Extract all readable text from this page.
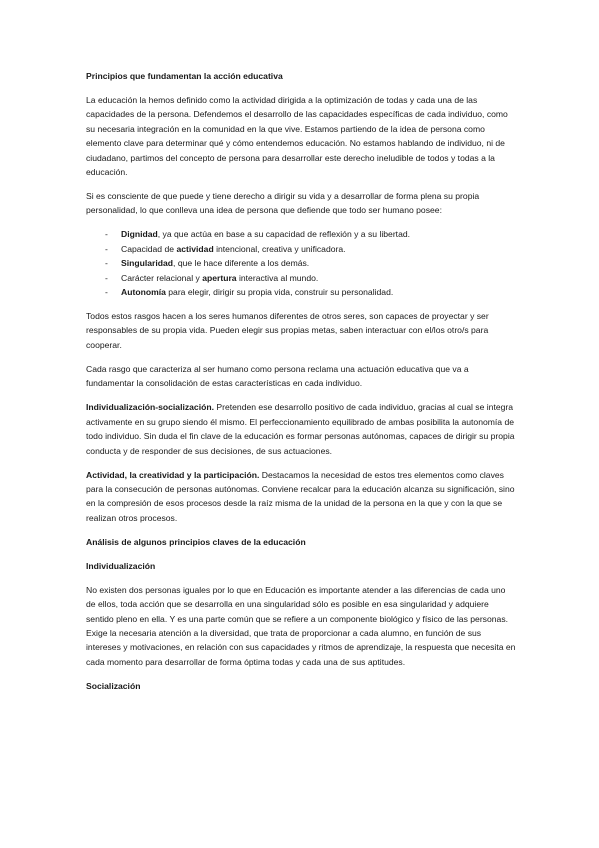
Principios que fundamentan la acción educativa

La educación la hemos definido como la actividad dirigida a la optimización de todas y cada una de las capacidades de la persona. Defendemos el desarrollo de las capacidades específicas de cada individuo, como su necesaria integración en la comunidad en la que vive. Estamos partiendo de la idea de persona como elemento clave para determinar qué y cómo entendemos educación. No estamos hablando de individuo, ni de ciudadano, partimos del concepto de persona para desarrollar este derecho ineludible de todos y todas a la educación.

Si es consciente de que puede y tiene derecho a dirigir su vida y a desarrollar de forma plena su propia personalidad, lo que conlleva una idea de persona que defiende que todo ser humano posee:

- Dignidad, ya que actúa en base a su capacidad de reflexión y a su libertad.
- Capacidad de actividad intencional, creativa y unificadora.
- Singularidad, que le hace diferente a los demás.
- Carácter relacional y apertura interactiva al mundo.
- Autonomía para elegir, dirigir su propia vida, construir su personalidad.

Todos estos rasgos hacen a los seres humanos diferentes de otros seres, son capaces de proyectar y ser responsables de su propia vida. Pueden elegir sus propias metas, saben interactuar con el/los otro/s para cooperar.

Cada rasgo que caracteriza al ser humano como persona reclama una actuación educativa que va a fundamentar la consolidación de estas características en cada individuo.

Individualización-socialización. Pretenden ese desarrollo positivo de cada individuo, gracias al cual se integra activamente en su grupo siendo él mismo. El perfeccionamiento equilibrado de ambas posibilita la autonomía de todo individuo. Sin duda el fin clave de la educación es formar personas autónomas, capaces de dirigir su propia conducta y de responder de sus decisiones, de sus actuaciones.

Actividad, la creatividad y la participación. Destacamos la necesidad de estos tres elementos como claves para la consecución de personas autónomas. Conviene recalcar para la educación alcanza su significación, sino en la compresión de esos procesos desde la raíz misma de la unidad de la persona en la que y con la que se realizan otros procesos.

Análisis de algunos principios claves de la educación
Individualización

No existen dos personas iguales por lo que en Educación es importante atender a las diferencias de cada uno de ellos, toda acción que se desarrolla en una singularidad sólo es posible en esa singularidad y adquiere sentido pleno en ella. Y es una parte común que se refiere a un componente biológico y físico de las personas. Exige la necesaria atención a la diversidad, que trata de proporcionar a cada alumno, en función de sus intereses y motivaciones, en relación con sus capacidades y ritmos de aprendizaje, la respuesta que necesita en cada momento para desarrollar de forma óptima todas y cada una de sus aptitudes.

Socialización
